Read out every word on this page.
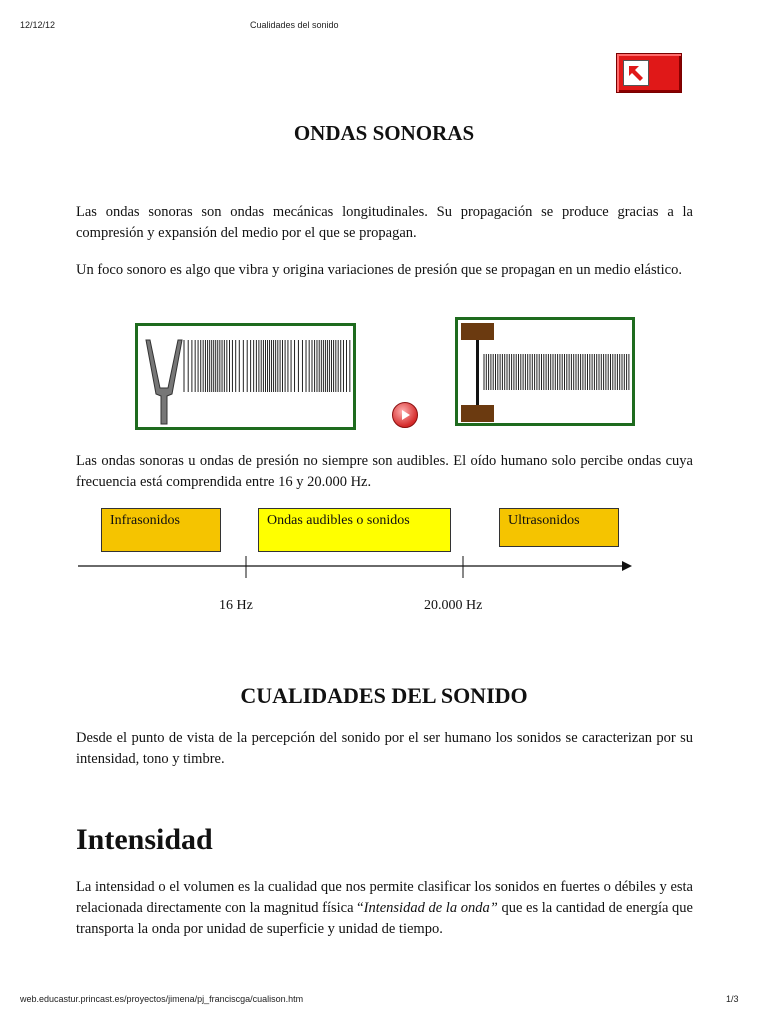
12/12/12	Cualidades del sonido
ONDAS SONORAS

Las ondas sonoras son ondas mecánicas longitudinales. Su propagación se produce gracias a la compresión y expansión del medio por el que se propagan.

Un foco sonoro es algo que vibra y origina variaciones de presión que se propagan en un medio elástico.

Las ondas sonoras u ondas de presión no siempre son audibles. El oído humano solo percibe ondas cuya frecuencia está comprendida entre 16 y 20.000 Hz.

Infrasonidos	Ondas audibles o sonidos	Ultrasonidos
16 Hz	20.000 Hz
CUALIDADES DEL SONIDO

Desde el punto de vista de la percepción del sonido por el ser humano los sonidos se caracterizan por su intensidad, tono y timbre.

Intensidad

La intensidad o el volumen es la cualidad que nos permite clasificar los sonidos en fuertes o débiles y esta relacionada directamente con la magnitud física “Intensidad de la onda” que es la cantidad de energía que transporta la onda por unidad de superficie y unidad de tiempo.

web.educastur.princast.es/proyectos/jimena/pj_franciscga/cualison.htm	1/3
